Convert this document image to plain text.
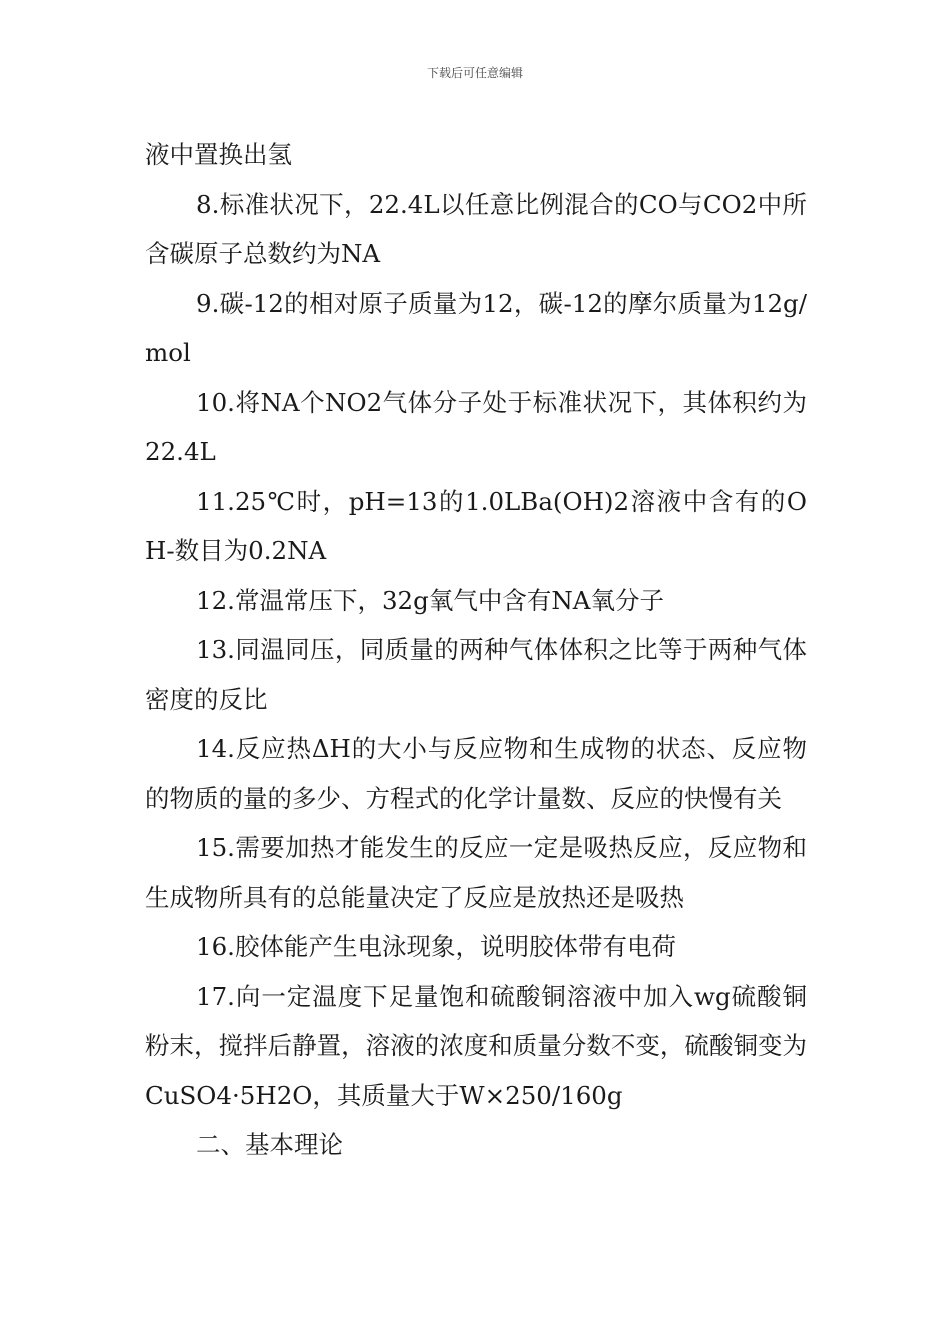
下载后可任意编辑

液中置换出氢

8.标准状况下，22.4L以任意比例混合的CO与CO2中所含碳原子总数约为NA

9.碳-12的相对原子质量为12，碳-12的摩尔质量为12g/mol

10.将NA个NO2气体分子处于标准状况下，其体积约为22.4L

11.25℃时，pH=13的1.0LBa(OH)2溶液中含有的OH-数目为0.2NA

12.常温常压下，32g氧气中含有NA氧分子

13.同温同压，同质量的两种气体体积之比等于两种气体密度的反比

14.反应热ΔH的大小与反应物和生成物的状态、反应物的物质的量的多少、方程式的化学计量数、反应的快慢有关

15.需要加热才能发生的反应一定是吸热反应，反应物和生成物所具有的总能量决定了反应是放热还是吸热

16.胶体能产生电泳现象，说明胶体带有电荷

17.向一定温度下足量饱和硫酸铜溶液中加入wg硫酸铜粉末，搅拌后静置，溶液的浓度和质量分数不变，硫酸铜变为CuSO4·5H2O，其质量大于W×250/160g

二、基本理论
